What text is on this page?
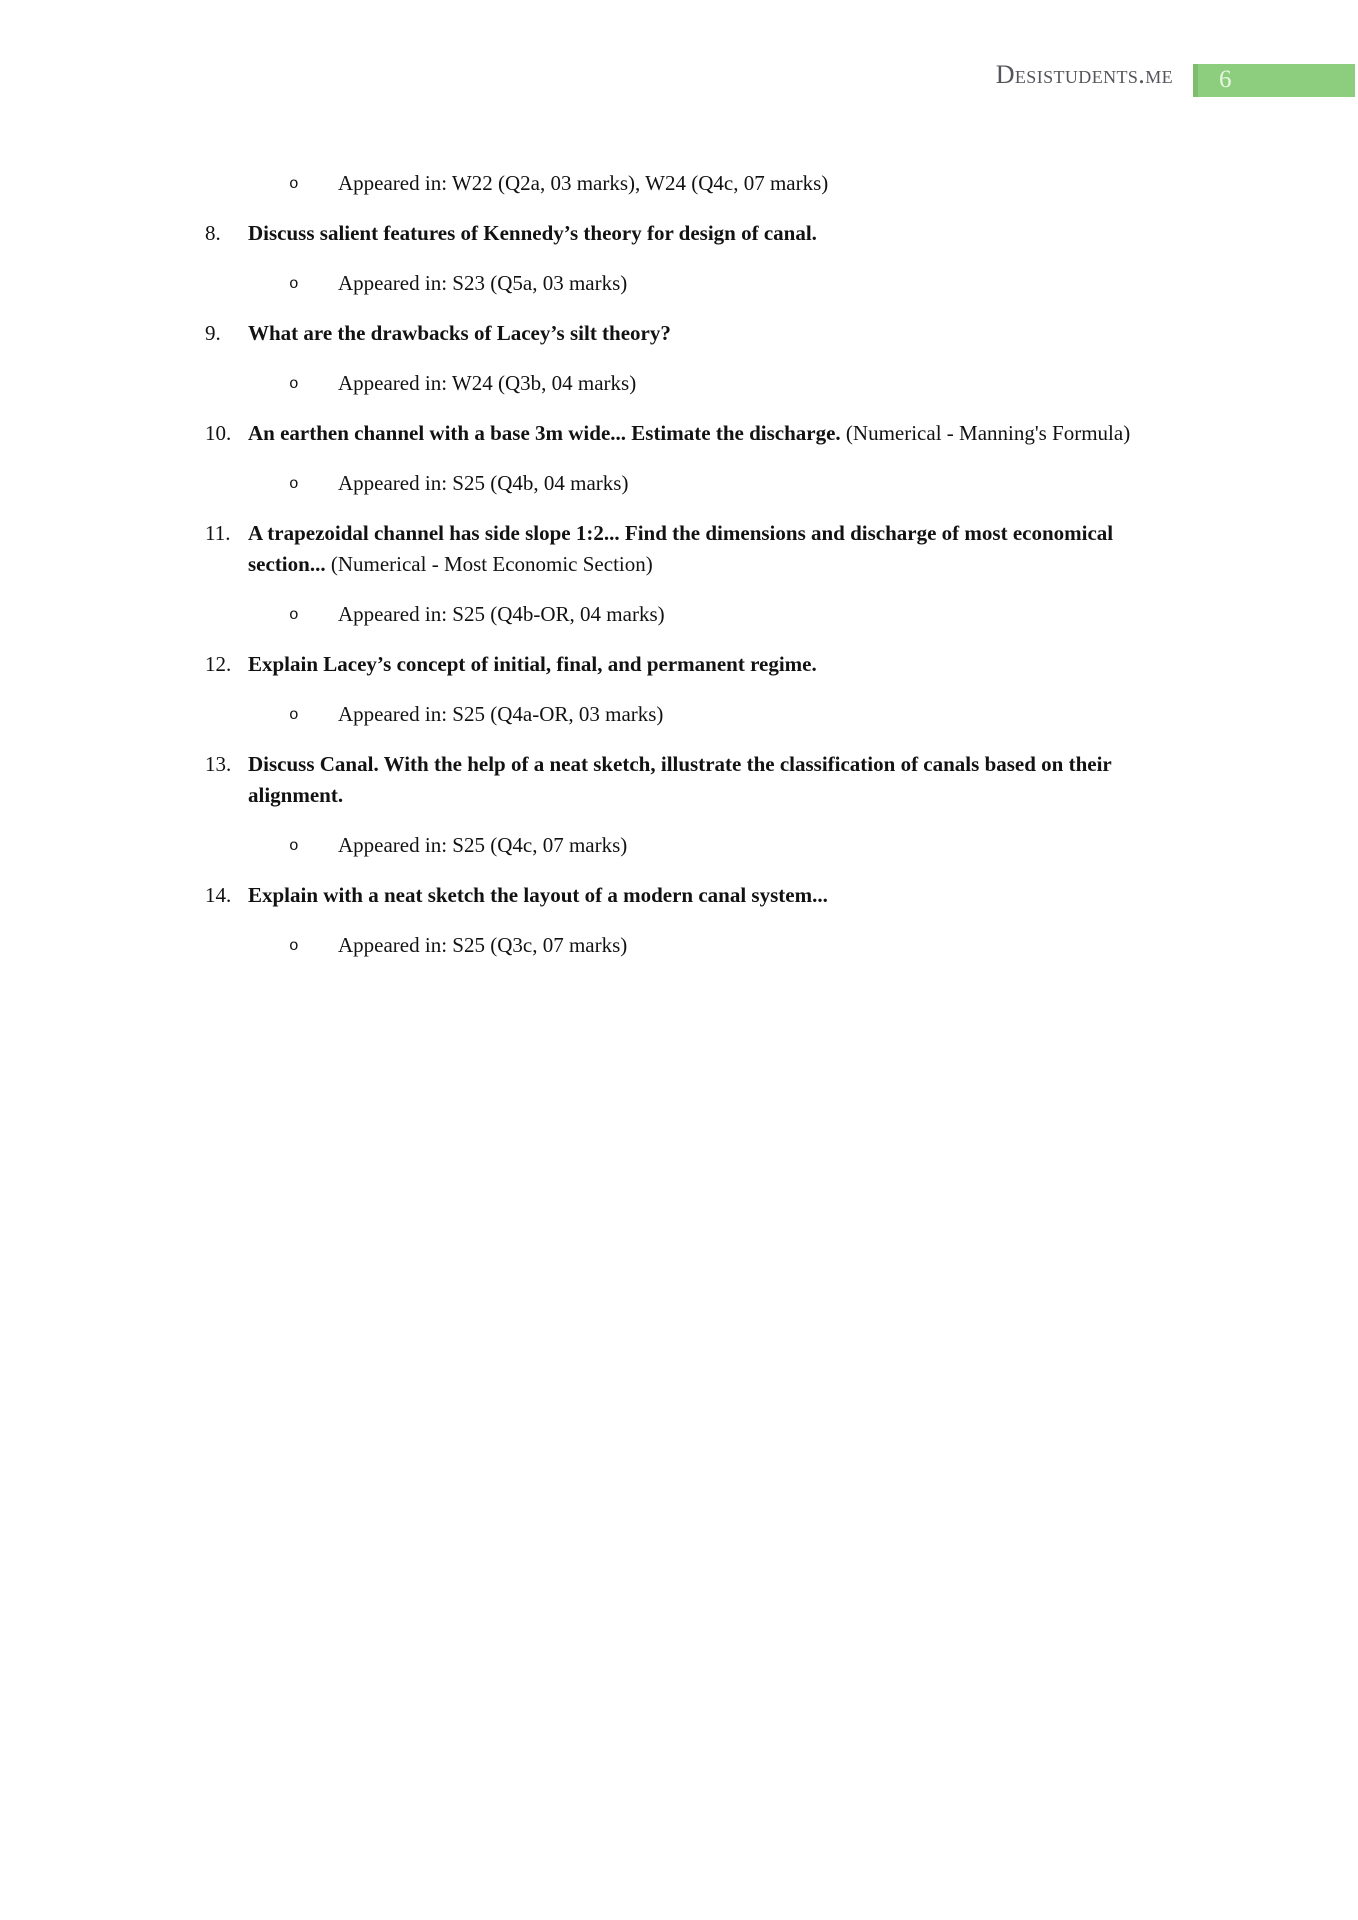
Desistudents.me	6
o Appeared in: W22 (Q2a, 03 marks), W24 (Q4c, 07 marks)
8. Discuss salient features of Kennedy’s theory for design of canal.
o Appeared in: S23 (Q5a, 03 marks)
9. What are the drawbacks of Lacey’s silt theory?
o Appeared in: W24 (Q3b, 04 marks)
10. An earthen channel with a base 3m wide... Estimate the discharge. (Numerical - Manning's Formula)
o Appeared in: S25 (Q4b, 04 marks)
11. A trapezoidal channel has side slope 1:2... Find the dimensions and discharge of most economical section... (Numerical - Most Economic Section)
o Appeared in: S25 (Q4b-OR, 04 marks)
12. Explain Lacey’s concept of initial, final, and permanent regime.
o Appeared in: S25 (Q4a-OR, 03 marks)
13. Discuss Canal. With the help of a neat sketch, illustrate the classification of canals based on their alignment.
o Appeared in: S25 (Q4c, 07 marks)
14. Explain with a neat sketch the layout of a modern canal system...
o Appeared in: S25 (Q3c, 07 marks)
